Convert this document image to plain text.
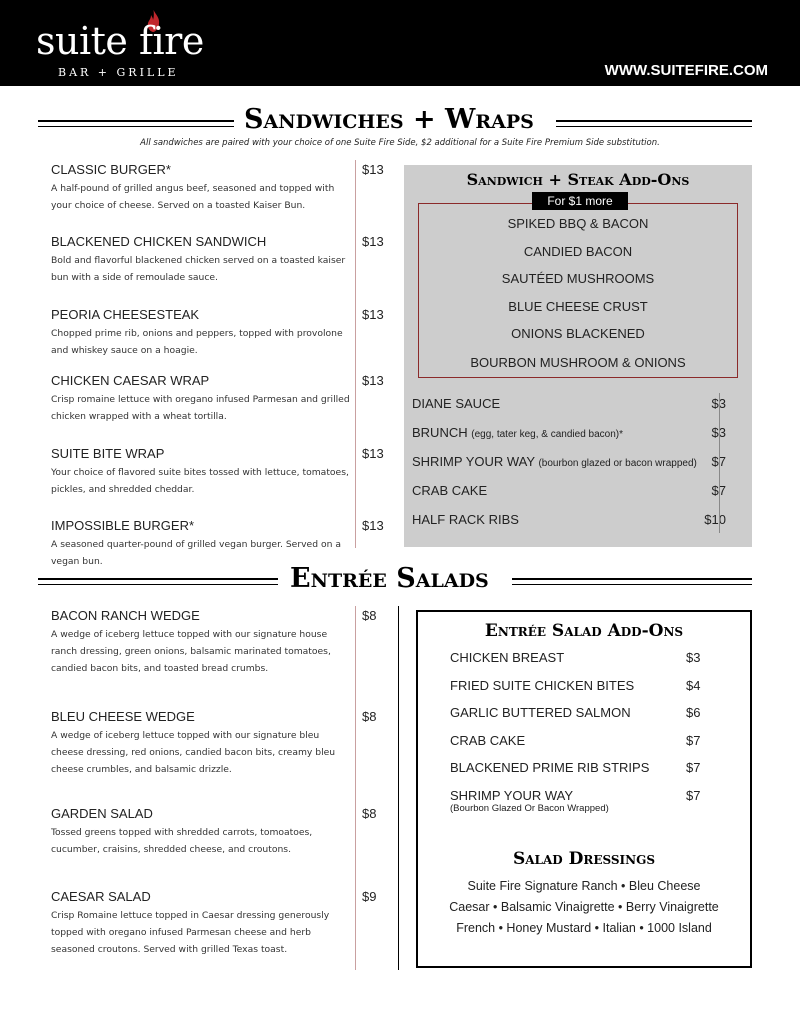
suite fire
BAR + GRILLE	WWW.SUITEFIRE.COM
Sandwiches + Wraps
All sandwiches are paired with your choice of one Suite Fire Side, $2 additional for a Suite Fire Premium Side substitution.
CLASSIC BURGER*
A half-pound of grilled angus beef, seasoned and topped with your choice of cheese. Served on a toasted Kaiser Bun.
$13
BLACKENED CHICKEN SANDWICH
Bold and flavorful blackened chicken served on a toasted kaiser bun with a side of remoulade sauce.
$13
PEORIA CHEESESTEAK
Chopped prime rib, onions and peppers, topped with provolone and whiskey sauce on a hoagie.
$13
CHICKEN CAESAR WRAP
Crisp romaine lettuce with oregano infused Parmesan and grilled chicken wrapped with a wheat tortilla.
$13
SUITE BITE WRAP
Your choice of flavored suite bites tossed with lettuce, tomatoes, pickles, and shredded cheddar.
$13
IMPOSSIBLE BURGER*
A seasoned quarter-pound of grilled vegan burger. Served on a vegan bun.
$13
Sandwich + Steak Add-Ons
SPIKED BBQ & BACON
CANDIED BACON
SAUTÉED MUSHROOMS
BLUE CHEESE CRUST
ONIONS BLACKENED
BOURBON MUSHROOM & ONIONS
For $1 more
DIANE SAUCE	$3
BRUNCH (egg, tater keg, & candied bacon)*	$3
SHRIMP YOUR WAY (bourbon glazed or bacon wrapped) $7
CRAB CAKE	$7
HALF RACK RIBS	$10
Entrée Salads
BACON RANCH WEDGE
A wedge of iceberg lettuce topped with our signature house ranch dressing, green onions, balsamic marinated tomatoes, candied bacon bits, and toasted bread crumbs.
$8
BLEU CHEESE WEDGE
A wedge of iceberg lettuce topped with our signature bleu cheese dressing, red onions, candied bacon bits, creamy bleu cheese crumbles, and balsamic drizzle.
$8
GARDEN SALAD
Tossed greens topped with shredded carrots, tomoatoes, cucumber, craisins, shredded cheese, and croutons.
$8
CAESAR SALAD
Crisp Romaine lettuce topped in Caesar dressing generously topped with oregano infused Parmesan cheese and herb seasoned croutons. Served with grilled Texas toast.
$9
Entrée Salad Add-Ons
CHICKEN BREAST	$3
FRIED SUITE CHICKEN BITES	$4
GARLIC BUTTERED SALMON	$6
CRAB CAKE	$7
BLACKENED PRIME RIB STRIPS	$7
SHRIMP YOUR WAY	$7
(Bourbon Glazed Or Bacon Wrapped)
Salad Dressings
Suite Fire Signature Ranch • Bleu Cheese
Caesar • Balsamic Vinaigrette • Berry Vinaigrette
French • Honey Mustard • Italian • 1000 Island
